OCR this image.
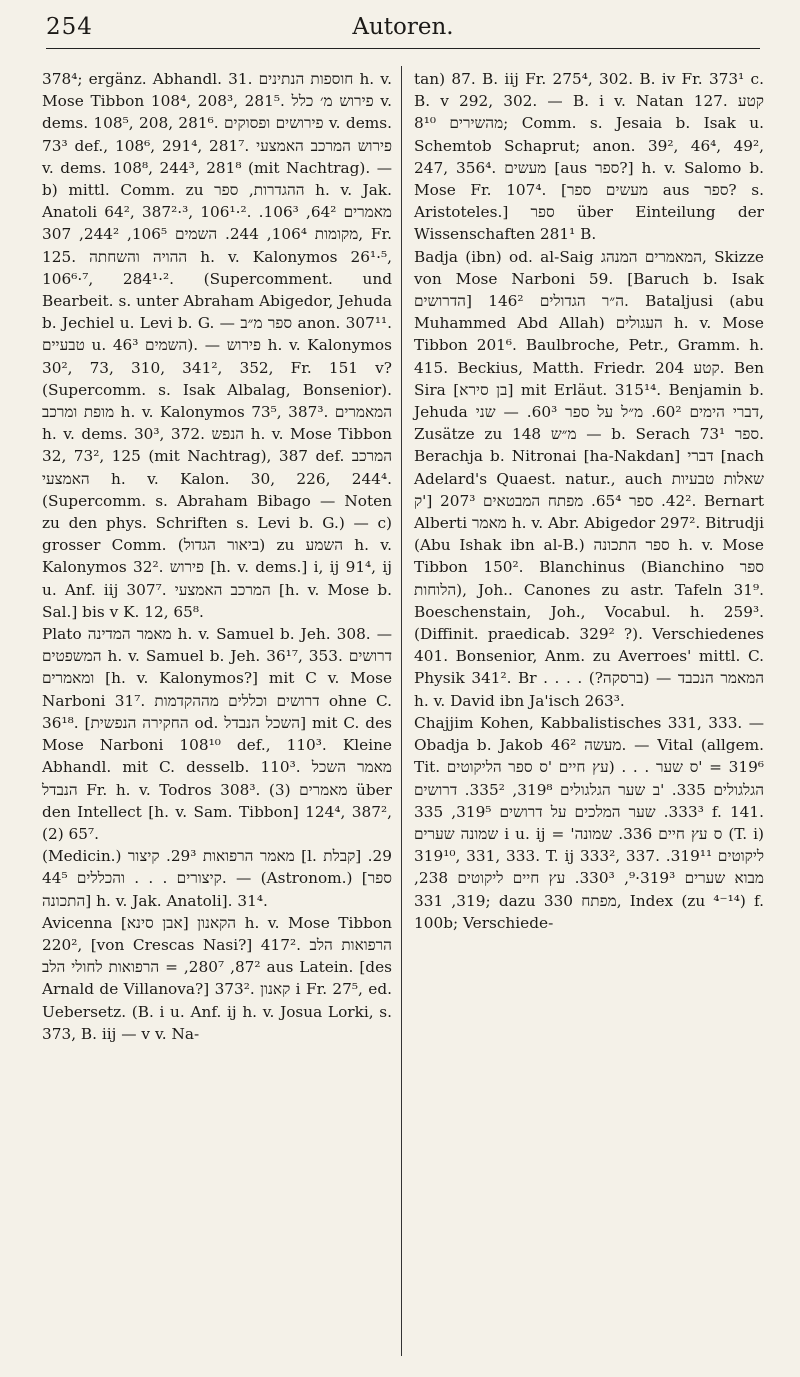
254	Autoren.

378⁴; ergänz. Abhandl. 31. חוספות הנתינים h. v. Mose Tibbon 108⁴, 208³, 281⁵. פירוש מ׳ כלל v. dems. 108⁵, 208, 281⁶. פירושים ופסוקים v. dems. 73³ def., 108⁶, 291⁴, 281⁷. פירוש המרכב האמצעי v. dems. 108⁸, 244³, 281⁸ (mit Nachtrag). — b) mittl. Comm. zu ההגדרות, ספר h. v. Jak. Anatoli 64², 387²·³, 106¹·². מאמרים 64², 106³. מקומות 106⁴, 244. השמים 106⁵, 244², 307, Fr. 125. ההויה והשחתה h. v. Kalonymos 26¹·⁵, 106⁶·⁷, 284¹·². (Supercomment. und Bearbeit. s. unter Abraham Abigedor, Jehuda b. Jechiel u. Levi b. G. — ספר מ״ב anon. 307¹¹. טבעיים u. השמים 46³). — פירוש h. v. Kalonymos 30², 73, 310, 341², 352, Fr. 151 v? (Supercomm. s. Isak Albalag, Bonsenior). מופת ומרכב h. v. Kalonymos 73⁵, 387³. המאמרים h. v. dems. 30³, 372. הנפש h. v. Mose Tibbon 32, 73², 125 (mit Nachtrag), 387 def. המרכב האמצעי h. v. Kalon. 30, 226, 244⁴. (Supercomm. s. Abraham Bibago — Noten zu den phys. Schriften s. Levi b. G.) — c) grosser Comm. (ביאור הגדול) zu השמע h. v. Kalonymos 32². פירוש [h. v. dems.] i, ij 91⁴, ij u. Anf. iij 307⁷. המרכב האמצעי [h. v. Mose b. Sal.] bis v K. 12, 65⁸.

Plato מאמר המדינה h. v. Samuel b. Jeh. 308. — המשפטים h. v. Samuel b. Jeh. 36¹⁷, 353. דרושים ומאמרים [h. v. Kalonymos?] mit C v. Mose Narboni 31⁷. דרושים וכללים מההקדמות ohne C. 36¹⁸. [החקירה הנפשית od. השכל הנבדל] mit C. des Mose Narboni 108¹⁰ def., 110³. Kleine Abhandl. mit C. desselb. 110³. מאמר השכל הנבדל Fr. h. v. Todros 308³. מאמרים (3) über den Intellect [h. v. Sam. Tibbon] 124⁴, 387², (2) 65⁷.

(Medicin.) מאמר הרפואות 29³. קיצור [l. קבלת] 29. קיצורים . . . והכללים 44⁵. — (Astronom.) [ספר התכונה] h. v. Jak. Anatoli]. 31⁴.

Avicenna [אבן סינא] הקאנון h. v. Mose Tibbon 220², [von Crescas Nasi?] 417². הרפואות הלב 87², 280⁷, = הרפואות לחולי הלב aus Latein. [des Arnald de Villanova?] 373². קאנון i Fr. 27⁵, ed. Uebersetz. (B. i u. Anf. ij h. v. Josua Lorki, s. 373, B. iij — v v. Na-

tan) 87. B. iij Fr. 275⁴, 302. B. iv Fr. 373¹ c. B. v 292, 302. — B. i v. Natan 127. קטע מהשירים 8¹⁰; Comm. s. Jesaia b. Isak u. Schemtob Schaprut; anon. 39², 46⁴, 49², 247, 356⁴. מעשים [aus ספר?] h. v. Salomo b. Mose Fr. 107⁴. [מעשים ספר aus ספר? s. Aristoteles.] ספר über Einteilung der Wissenschaften 281¹ B.

Badja (ibn) od. al-Saig המאמרים המנהג, Skizze von Mose Narboni 59. [Baruch b. Isak הדרושים] ה״ר הגדולים 146². Bataljusi (abu Muhammed Abd Allah) העגולים h. v. Mose Tibbon 201⁶. Baulbroche, Petr., Gramm. h. 415. Beckius, Matth. Friedr. קטע 204. Ben Sira [בן סירא] mit Erläut. 315¹⁴. Benjamin b. Jehuda דברי הימים 60². מ״ל על ספר 60³. — שני, Zusätze zu מ״ש 148 — b. Serach ספר 73¹. Berachja b. Nitronai [ha-Nakdan] דברי [nach Adelard's Quaest. natur., auch שאלות טבעיות 'ק] 42². ספר 65⁴. מפתח המבטאים 207³. Bernart Alberti מאמר h. v. Abr. Abigedor 297². Bitrudji (Abu Ishak ibn al-B.) ספר התכונה h. v. Mose Tibbon 150². Blanchinus (Bianchino ספר הלוחות), Joh.. Canones zu astr. Tafeln 31⁹. Boeschenstain, Joh., Vocabul. h. 259³. (Diffinit. praedicab. 329² ?). Verschiedenes 401. Bonsenior, Anm. zu Averroes' mittl. C. Physik 341². Br . . . . (?ברסקה) — המאמר הנכבד h. v. David ibn Ja'isch 263³.

Chajjim Kohen, Kabbalistisches 331, 333. — Obadja b. Jakob מעשה 46². — Vital (allgem. Tit. עץ חיים 'ס ספר הליקוטים) . . . 319⁶ = 'ס שער הגלגולים 335. 'ב שער הגלגולים 319⁸, 335². דרושים 333³. שער המלכים על דרושים 319⁵, 335 f. 141. שמונה שערים i u. ij = 'ס עץ חיים 336. שמונה (T. i) 319¹⁰, 331, 333. T. ij 333², 337. ליקוטים 319¹¹. מבוא שערים 319³·⁹, 330³. עץ חיים ליקוטים 238, 319, 331; dazu מפתח 330, Index (zu ⁴⁻¹⁴) f. 100b; Verschiede-
